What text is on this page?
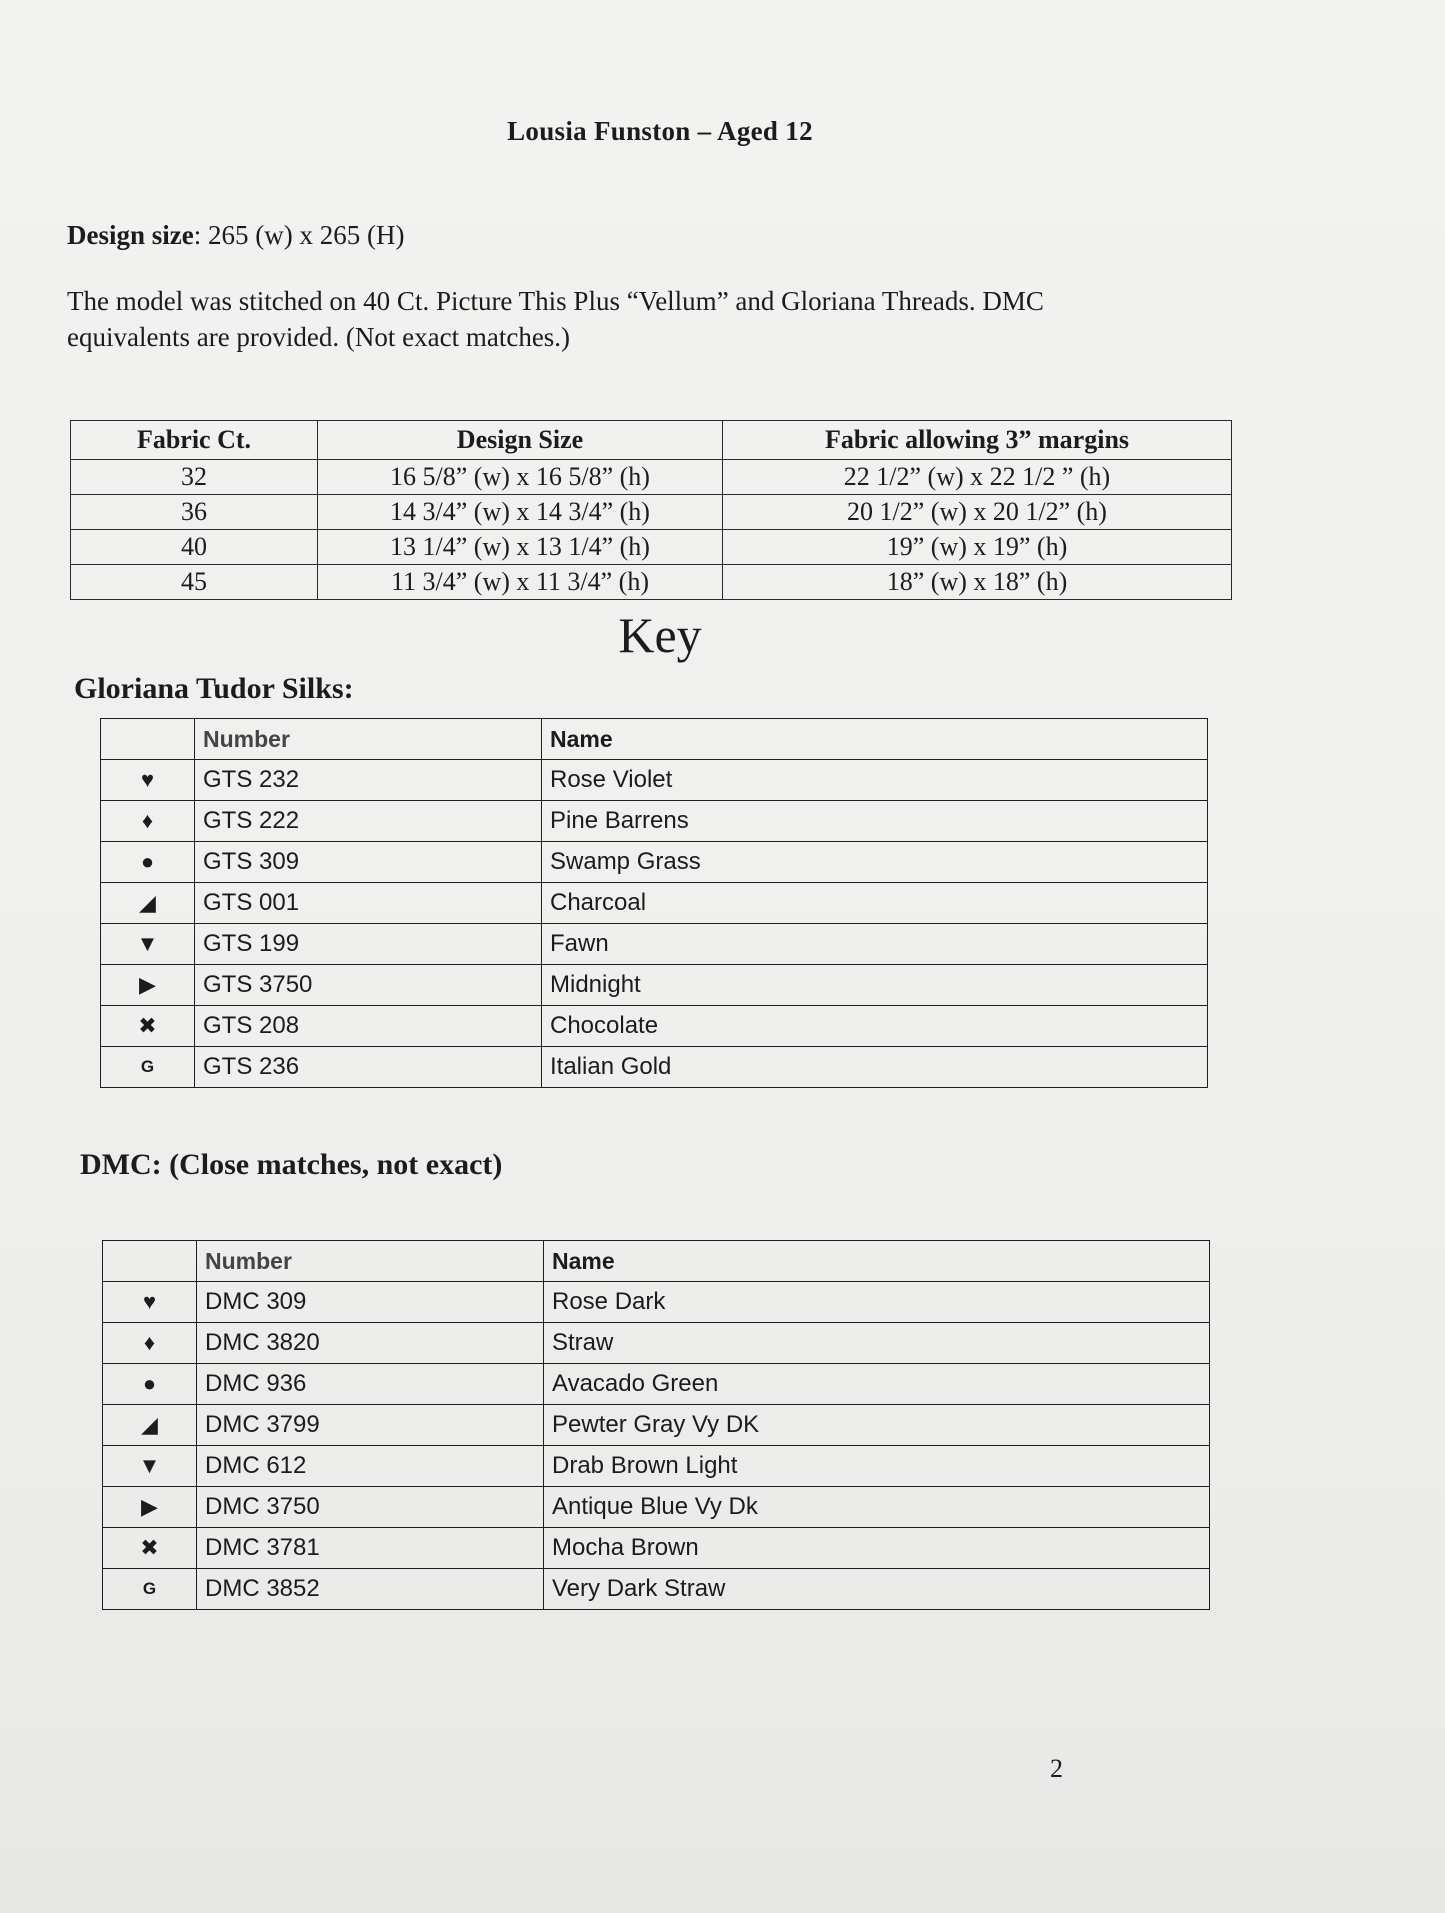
Lousia Funston – Aged 12
Design size: 265 (w) x 265 (H)
The model was stitched on 40 Ct. Picture This Plus “Vellum” and Gloriana Threads. DMC
equivalents are provided. (Not exact matches.)
Fabric Ct.	Design Size	Fabric allowing 3” margins
32	16 5/8” (w) x 16 5/8” (h)	22 1/2” (w) x 22 1/2 ” (h)
36	14 3/4” (w) x 14 3/4” (h)	20 1/2” (w) x 20 1/2” (h)
40	13 1/4” (w) x 13 1/4” (h)	19” (w) x 19” (h)
45	11 3/4” (w) x 11 3/4” (h)	18” (w) x 18” (h)
Key
Gloriana Tudor Silks:
	Number	Name
♥	GTS 232	Rose Violet
♦	GTS 222	Pine Barrens
●	GTS 309	Swamp Grass
◢	GTS 001	Charcoal
▼	GTS 199	Fawn
▶	GTS 3750	Midnight
✖	GTS 208	Chocolate
G	GTS 236	Italian Gold
DMC: (Close matches, not exact)
	Number	Name
♥	DMC 309	Rose Dark
♦	DMC 3820	Straw
●	DMC 936	Avacado Green
◢	DMC 3799	Pewter Gray Vy DK
▼	DMC 612	Drab Brown Light
▶	DMC 3750	Antique Blue Vy Dk
✖	DMC 3781	Mocha Brown
G	DMC 3852	Very Dark Straw
2
